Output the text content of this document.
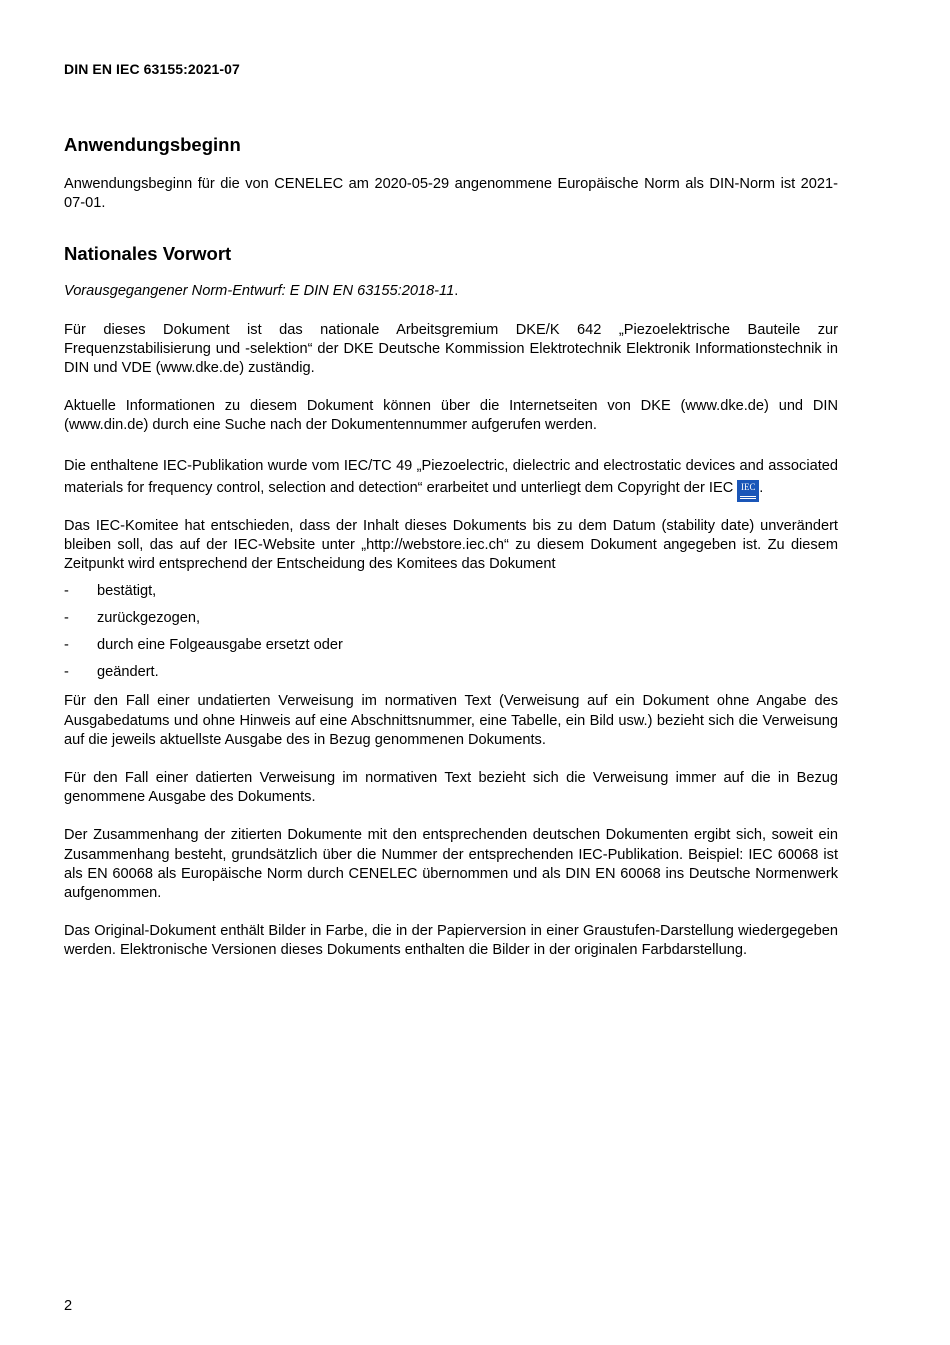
DIN EN IEC 63155:2021-07
Anwendungsbeginn

Anwendungsbeginn für die von CENELEC am 2020-05-29 angenommene Europäische Norm als DIN-Norm ist 2021-07-01.

Nationales Vorwort

Vorausgegangener Norm-Entwurf: E DIN EN 63155:2018-11.

Für dieses Dokument ist das nationale Arbeitsgremium DKE/K 642 „Piezoelektrische Bauteile zur Frequenzstabilisierung und -selektion“ der DKE Deutsche Kommission Elektrotechnik Elektronik Informationstechnik in DIN und VDE (www.dke.de) zuständig.

Aktuelle Informationen zu diesem Dokument können über die Internetseiten von DKE (www.dke.de) und DIN (www.din.de) durch eine Suche nach der Dokumentennummer aufgerufen werden.

Die enthaltene IEC-Publikation wurde vom IEC/TC 49 „Piezoelectric, dielectric and electrostatic devices and associated materials for frequency control, selection and detection“ erarbeitet und unterliegt dem Copyright der IEC IEC .

Das IEC-Komitee hat entschieden, dass der Inhalt dieses Dokuments bis zu dem Datum (stability date) unverändert bleiben soll, das auf der IEC-Website unter „http://webstore.iec.ch“ zu diesem Dokument angegeben ist. Zu diesem Zeitpunkt wird entsprechend der Entscheidung des Komitees das Dokument

- bestätigt,
- zurückgezogen,
- durch eine Folgeausgabe ersetzt oder
- geändert.

Für den Fall einer undatierten Verweisung im normativen Text (Verweisung auf ein Dokument ohne Angabe des Ausgabedatums und ohne Hinweis auf eine Abschnittsnummer, eine Tabelle, ein Bild usw.) bezieht sich die Verweisung auf die jeweils aktuellste Ausgabe des in Bezug genommenen Dokuments.

Für den Fall einer datierten Verweisung im normativen Text bezieht sich die Verweisung immer auf die in Bezug genommene Ausgabe des Dokuments.

Der Zusammenhang der zitierten Dokumente mit den entsprechenden deutschen Dokumenten ergibt sich, soweit ein Zusammenhang besteht, grundsätzlich über die Nummer der entsprechenden IEC-Publikation. Beispiel: IEC 60068 ist als EN 60068 als Europäische Norm durch CENELEC übernommen und als DIN EN 60068 ins Deutsche Normenwerk aufgenommen.

Das Original-Dokument enthält Bilder in Farbe, die in der Papierversion in einer Graustufen-Darstellung wiedergegeben werden. Elektronische Versionen dieses Dokuments enthalten die Bilder in der originalen Farbdarstellung.

2
